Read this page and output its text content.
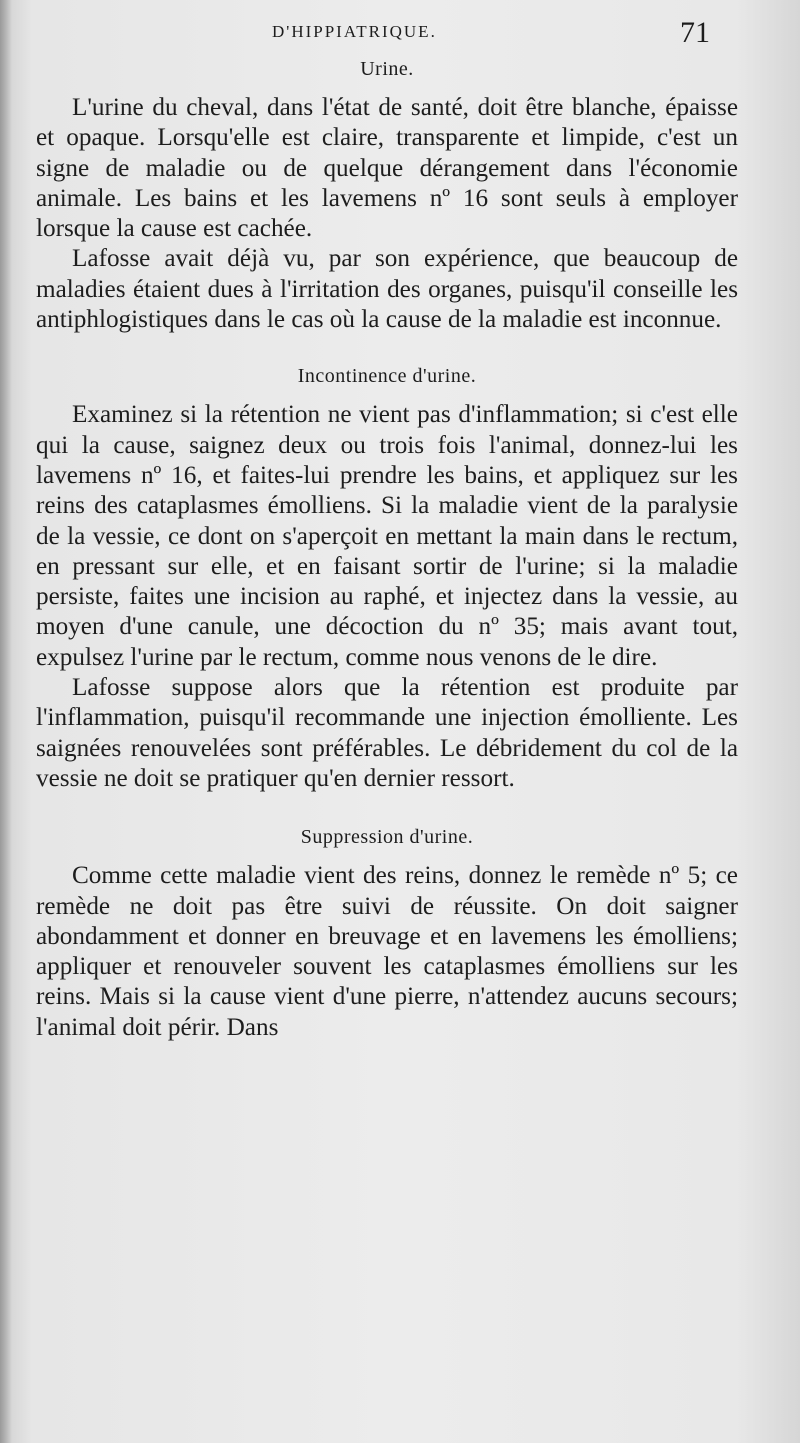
D'HIPPIATRIQUE.	71
Urine.

L'urine du cheval, dans l'état de santé, doit être blanche, épaisse et opaque. Lorsqu'elle est claire, transparente et limpide, c'est un signe de maladie ou de quelque dérangement dans l'économie animale. Les bains et les lavemens nº 16 sont seuls à employer lorsque la cause est cachée.

Lafosse avait déjà vu, par son expérience, que beaucoup de maladies étaient dues à l'irritation des organes, puisqu'il conseille les antiphlogistiques dans le cas où la cause de la maladie est inconnue.

Incontinence d'urine.

Examinez si la rétention ne vient pas d'inflammation; si c'est elle qui la cause, saignez deux ou trois fois l'animal, donnez-lui les lavemens nº 16, et faites-lui prendre les bains, et appliquez sur les reins des cataplasmes émolliens. Si la maladie vient de la paralysie de la vessie, ce dont on s'aperçoit en mettant la main dans le rectum, en pressant sur elle, et en faisant sortir de l'urine; si la maladie persiste, faites une incision au raphé, et injectez dans la vessie, au moyen d'une canule, une décoction du nº 35; mais avant tout, expulsez l'urine par le rectum, comme nous venons de le dire.

Lafosse suppose alors que la rétention est produite par l'inflammation, puisqu'il recommande une injection émolliente. Les saignées renouvelées sont préférables. Le débridement du col de la vessie ne doit se pratiquer qu'en dernier ressort.

Suppression d'urine.

Comme cette maladie vient des reins, donnez le remède nº 5; ce remède ne doit pas être suivi de réussite. On doit saigner abondamment et donner en breuvage et en lavemens les émolliens; appliquer et renouveler souvent les cataplasmes émolliens sur les reins. Mais si la cause vient d'une pierre, n'attendez aucuns secours; l'animal doit périr. Dans
